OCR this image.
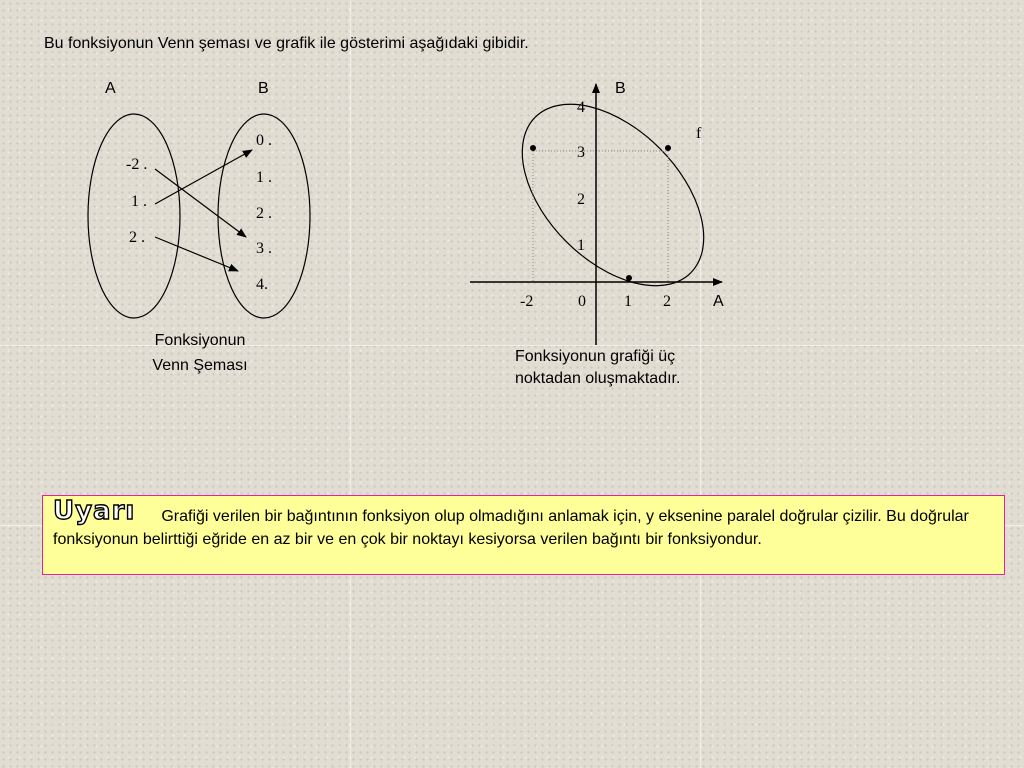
Bu fonksiyonun Venn şeması ve grafik ile gösterimi aşağıdaki gibidir.
A	B
-2 .
1 .
2 .
0 .
1 .
2 .
3 .
4.
B
A
f
4
3
2
1
-2	0 1 2
Fonksiyonun
Venn Şeması
Fonksiyonun grafiği üç
noktadan oluşmaktadır.
Uyarı Grafiği verilen bir bağıntının fonksiyon olup olmadığını anlamak için, y eksenine paralel doğrular çizilir. Bu doğrular fonksiyonun belirttiği eğride en az bir ve en çok bir noktayı kesiyorsa verilen bağıntı bir fonksiyondur.
